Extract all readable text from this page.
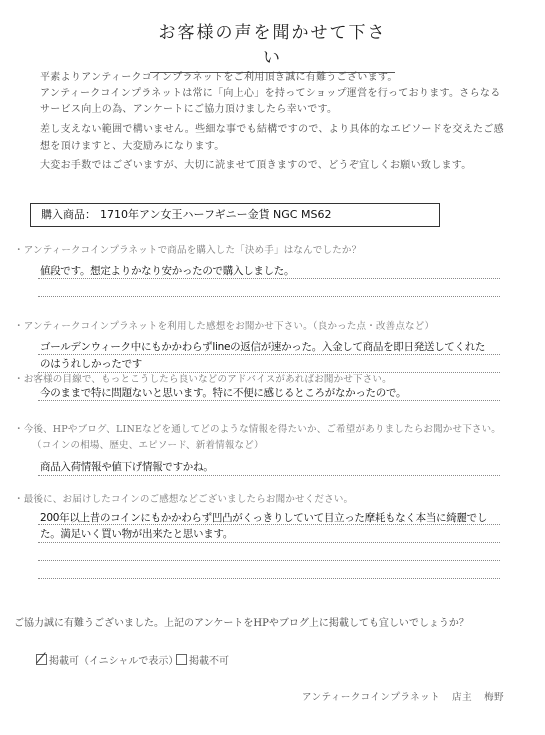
お客様の声を聞かせて下さい
平素よりアンティークコインプラネットをご利用頂き誠に有難うございます。
アンティークコインプラネットは常に「向上心」を持ってショップ運営を行っております。さらなる
サービス向上の為、アンケートにご協力頂けましたら幸いです。
差し支えない範囲で構いません。些細な事でも結構ですので、より具体的なエピソードを交えたご感
想を頂けますと、大変励みになります。
大変お手数ではございますが、大切に読ませて頂きますので、どうぞ宜しくお願い致します。
購入商品： 1710年アン女王ハーフギニー金貨 NGC MS62
・アンティークコインプラネットで商品を購入した「決め手」はなんでしたか？
値段です。想定よりかなり安かったので購入しました。
・アンティークコインプラネットを利用した感想をお聞かせ下さい。（良かった点・改善点など）
ゴールデンウィーク中にもかかわらずlineの返信が速かった。入金して商品を即日発送してくれた
のはうれしかったです
・お客様の目線で、もっとこうしたら良いなどのアドバイスがあればお聞かせ下さい。
今のままで特に問題ないと思います。特に不便に感じるところがなかったので。
・今後、HPやブログ、LINEなどを通してどのような情報を得たいか、ご希望がありましたらお聞かせ下さい。
（コインの相場、歴史、エピソード、新着情報など）
商品入荷情報や値下げ情報ですかね。
・最後に、お届けしたコインのご感想などございましたらお聞かせください。
200年以上昔のコインにもかかわらず凹凸がくっきりしていて目立った摩耗もなく本当に綺麗でし
た。満足いく買い物が出来たと思います。
ご協力誠に有難うございました。上記のアンケートをHPやブログ上に掲載しても宜しいでしょうか？
掲載可（イニシャルで表示）	掲載不可
アンティークコインプラネット 店主 梅野
